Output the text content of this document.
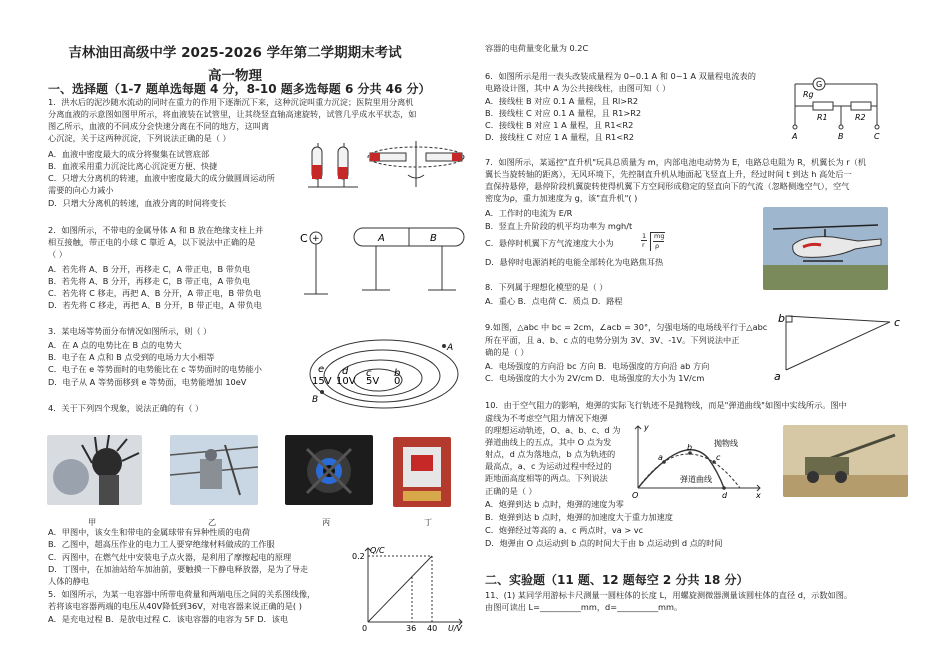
吉林油田高级中学 2025-2026 学年第二学期期末考试
高一物理
一、选择题（1-7 题单选每题 4 分，8-10 题多选每题 6 分共 46 分）
1．洪水后的泥沙随水流动的同时在重力的作用下逐渐沉下来，这种沉淀叫重力沉淀；医院里用分离机
分离血液的示意图如图甲所示，将血液装在试管里，让其绕竖直轴高速旋转，试管几乎成水平状态，如
图乙所示，血液的不同成分会快速分离在不同的地方，这叫离
心沉淀，关于这两种沉淀，下列说法正确的是（ ）
A．血液中密度最大的成分将聚集在试管底部
B．血液采用重力沉淀比离心沉淀更方便、快捷
C．只增大分离机的转速，血液中密度最大的成分做圆周运动所
需要的向心力减小
D．只增大分离机的转速，血液分离的时间将变长
2．如图所示，不带电的金属导体 A 和 B 放在绝缘支柱上并
相互接触，带正电的小球 C 靠近 A，以下说法中正确的是
（ ）
A．若先将 A、B 分开，再移走 C，A 带正电，B 带负电
B．若先将 A、B 分开，再移走 C，B 带正电，A 带负电
C．若先将 C 移走，再把 A、B 分开，A 带正电，B 带负电
D．若先将 C 移走，再把 A、B 分开，B 带正电，A 带负电
C +	A	B
3．某电场等势面分布情况如图所示，则（ ）
A．在 A 点的电势比在 B 点的电势大
B．电子在 A 点和 B 点受到的电场力大小相等
C．电子在 e 等势面时的电势能比在 c 等势面时的电势能小
D．电子从 A 等势面移到 e 等势面，电势能增加 10eV
A
B
e d c b
15V 10V 5V 0
4．关于下列四个现象，说法正确的有（ ）
甲	乙	丙	丁
A．甲图中，该女生和带电的金属球带有异种性质的电荷
B．乙图中，超高压作业的电力工人要穿绝缘材料做成的工作服
C．丙图中，在燃气灶中安装电子点火器，是利用了摩擦起电的原理
D．丁图中，在加油站给车加油前，要触摸一下静电释放器，是为了导走
人体的静电
5．如图所示，为某一电容器中所带电荷量和两端电压之间的关系图线像，
若将该电容器两端的电压从40V降低到36V，对电容器来说正确的是( )
A．是充电过程 B．是放电过程 C．该电容器的电容为 5F D．该电
Q/C
U/V
0.2
0	36 40
容器的电荷量变化量为 0.2C
6．如图所示是用一表头改装成量程为 0~0.1 A 和 0~1 A 双量程电流表的
电路设计图，其中 A 为公共接线柱，由图可知（ ）
A．接线柱 B 对应 0.1 A 量程，且 Rl>R2
B．接线柱 C 对应 0.1 A 量程，且 R1>R2
C．接线柱 B 对应 1 A 量程，且 R1<R2
D．接线柱 C 对应 1 A 量程，且 R1<R2
G
Rg
R1	R2
A	B	C
7．如图所示，某遥控"直升机"玩具总质量为 m，内部电池电动势为 E，电路总电阻为 R，机翼长为 r（机
翼长当旋转轴的距离），无风环境下，先控制直升机从地面起飞竖直上升，经过时间 t 到达 h 高处后一
直保持悬停，悬停阶段机翼旋转使得机翼下方空间形成稳定的竖直向下的气流（忽略侧逸空气），空气
密度为ρ，重力加速度为 g，该"直升机"( )
A．工作时的电流为 E/R
B．竖直上升阶段的机平均功率为 mgh/t
C．悬停时机翼下方气流速度大小为
1
r
mg
ρ
D．悬停时电源消耗的电能全部转化为电路焦耳热
8．下列属于理想化模型的是（ ）
A．重心 B．点电荷 C．质点 D．路程
9.如图，△abc 中 bc = 2cm，∠acb = 30°，匀强电场的电场线平行于△abc
所在平面，且 a、b、c 点的电势分别为 3V、3V、-1V。下列说法中正
确的是（ ）
A．电场强度的方向沿 bc 方向 B．电场强度的方向沿 ab 方向
C．电场强度的大小为 2V/cm D．电场强度的大小为 1V/cm
b	c
a
10．由于空气阻力的影响，炮弹的实际飞行轨迹不是抛物线，而是"弹道曲线"如图中实线所示。图中
虚线为不考虑空气阻力情况下炮弹
的理想运动轨迹，O、a、b、c、d 为
弹道曲线上的五点，其中 O 点为发
射点，d 点为落地点，b 点为轨迹的
最高点，a、c 为运动过程中经过的
距地面高度相等的两点。下列说法
正确的是（ ）
A．炮弹到达 b 点时，炮弹的速度为零
B．炮弹到达 b 点时，炮弹的加速度大于重力加速度
C．炮弹经过等高的 a、c 两点时，va > vc
D．炮弹由 O 点运动到 b 点的时间大于由 b 点运动到 d 点的时间
y
x
O
a
b
c
d
抛物线
弹道曲线
二、实验题（11 题、12 题每空 2 分共 18 分）
11、(1) 某同学用游标卡尺测量一圆柱体的长度 L，用螺旋测微器测量该圆柱体的直径 d，示数如图。
由图可读出 L=__________mm，d=__________mm。
